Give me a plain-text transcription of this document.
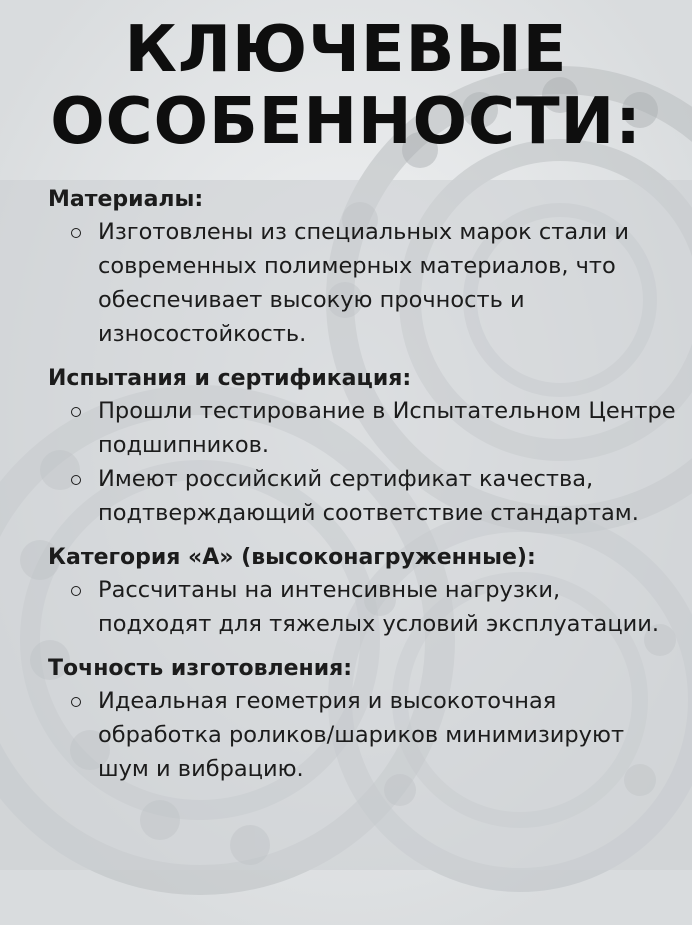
КЛЮЧЕВЫЕ
ОСОБЕННОСТИ:

Материалы:

Изготовлены из специальных марок стали и современных полимерных материалов, что обеспечивает высокую прочность и износостойкость.

Испытания и сертификация:

Прошли тестирование в Испытательном Центре подшипников.
Имеют российский сертификат качества, подтверждающий соответствие стандартам.

Категория «А» (высоконагруженные):

Рассчитаны на интенсивные нагрузки, подходят для тяжелых условий эксплуатации.

Точность изготовления:

Идеальная геометрия и высокоточная обработка роликов/шариков минимизируют шум и вибрацию.
